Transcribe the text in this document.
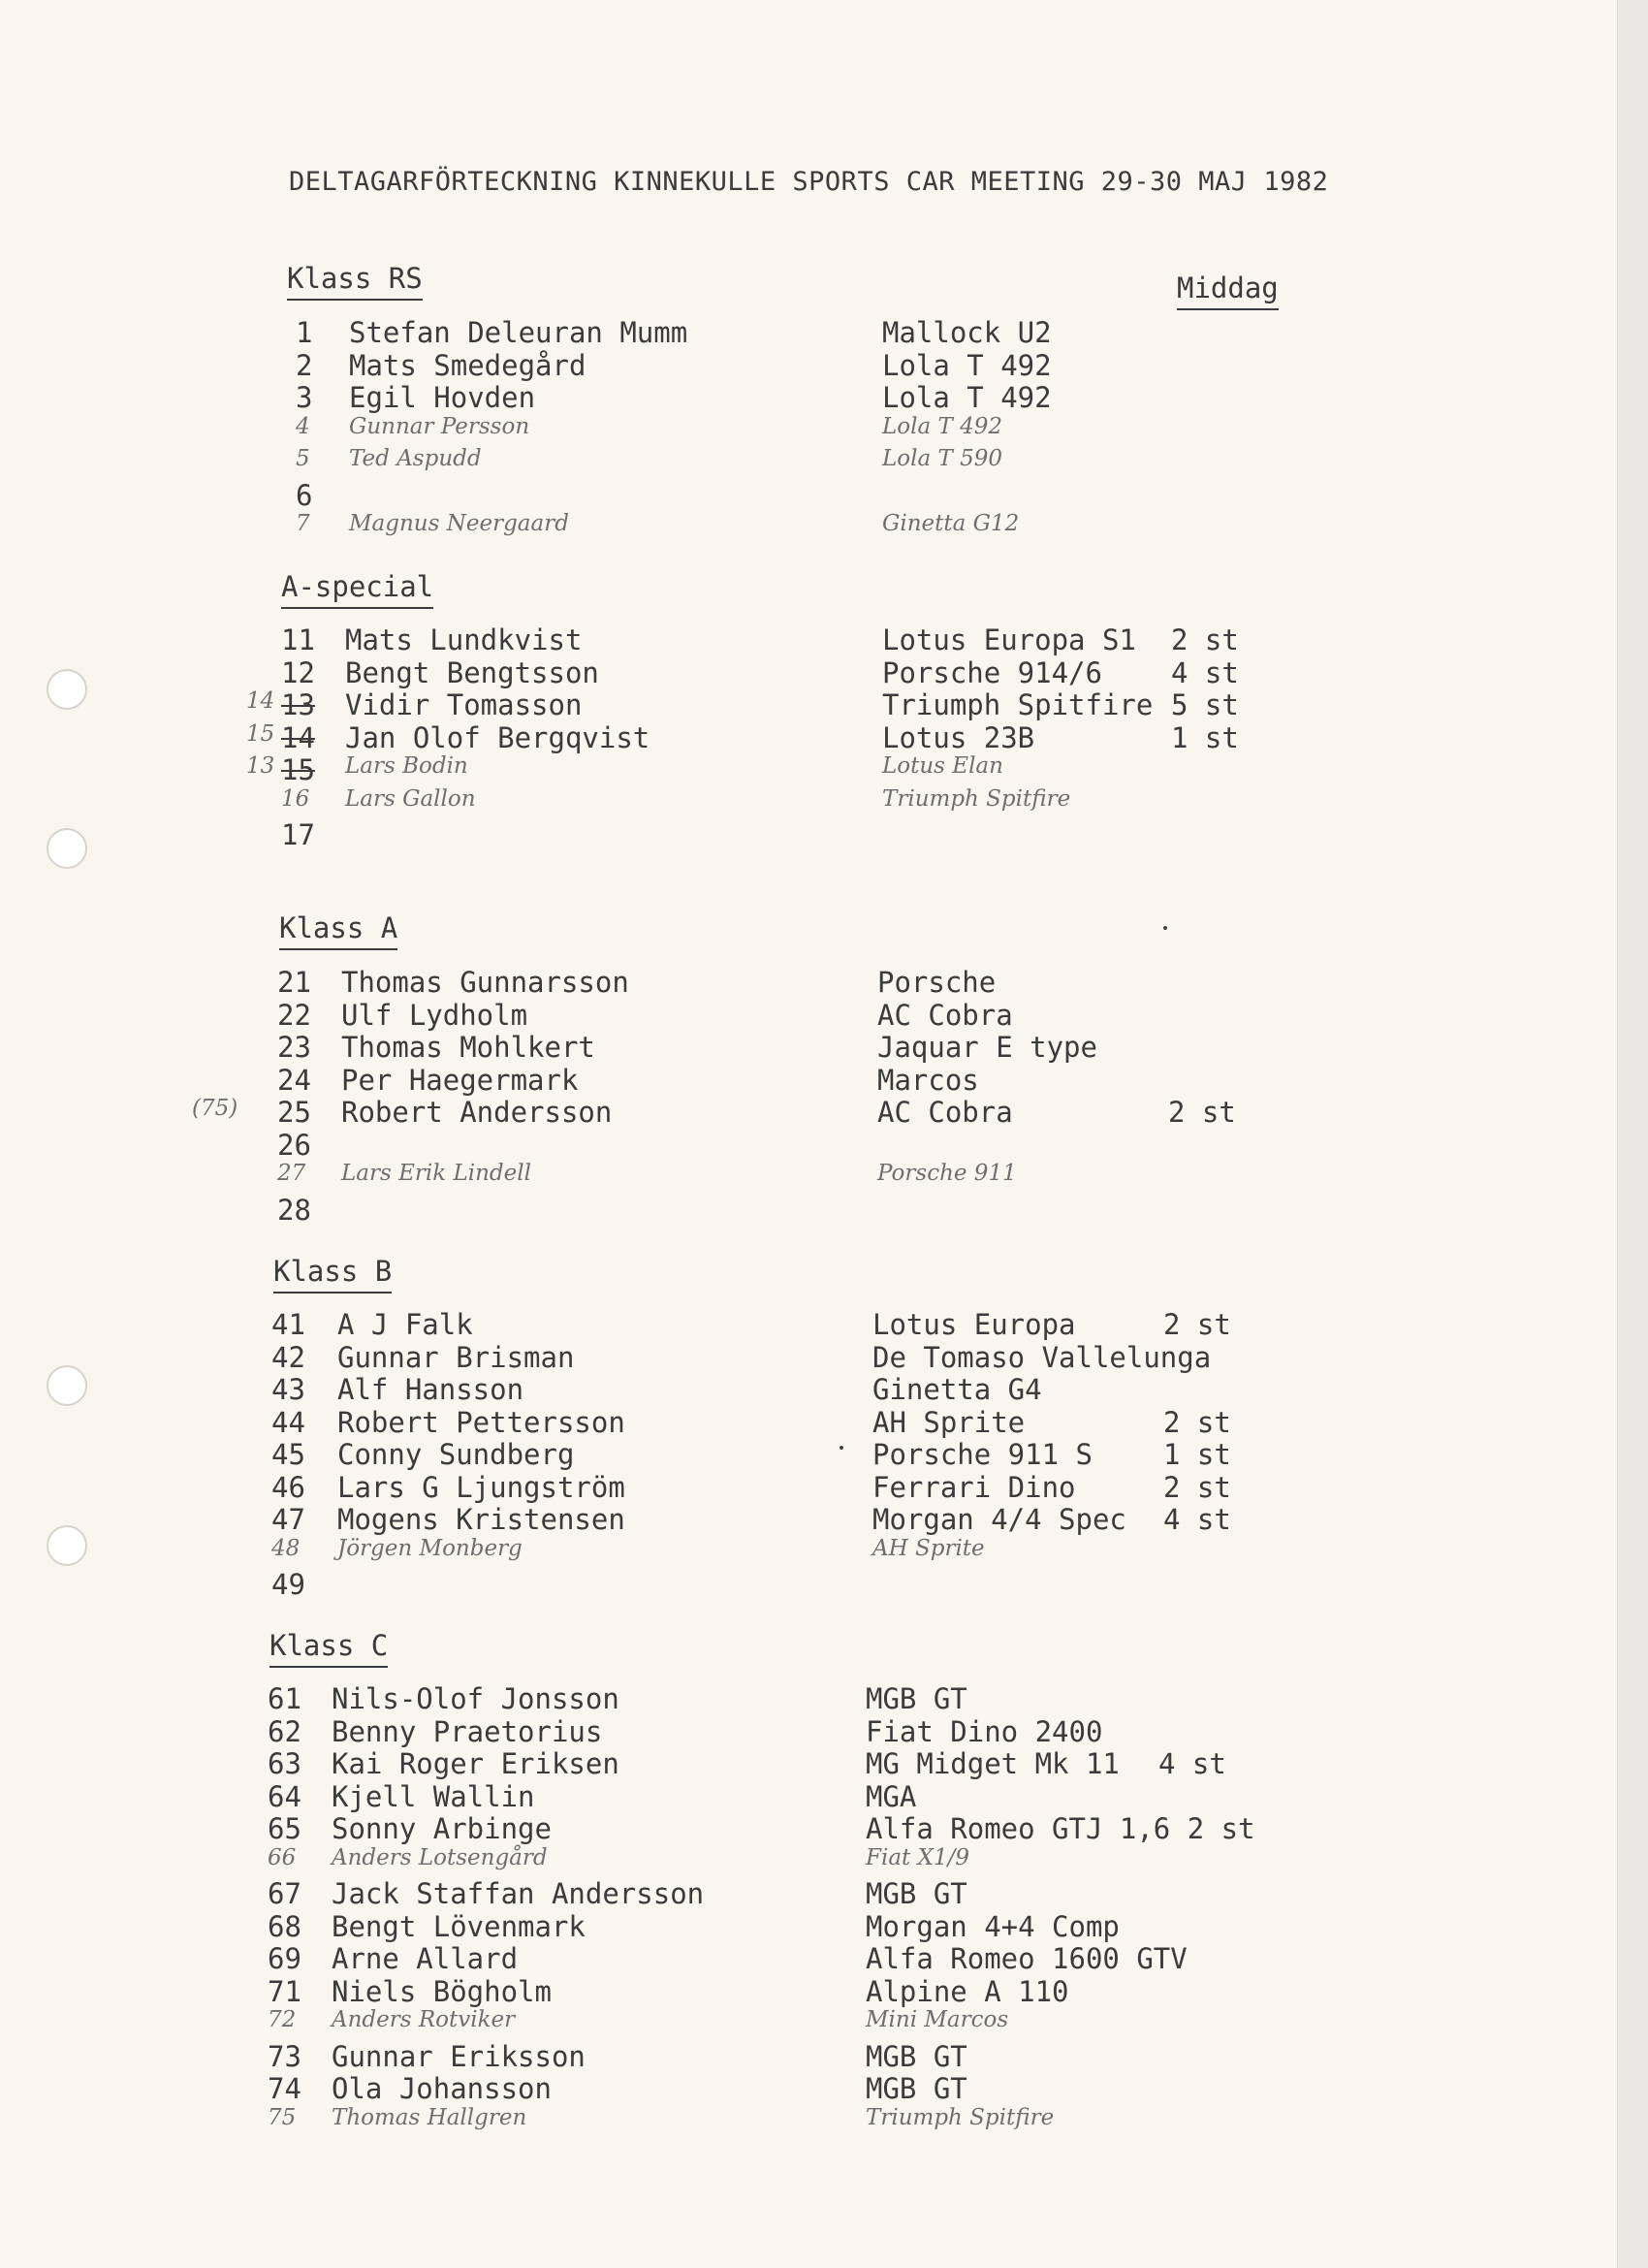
DELTAGARFÖRTECKNING KINNEKULLE SPORTS CAR MEETING 29-30 MAJ 1982
Middag
Klass RS
1 Stefan Deleuran Mumm	Mallock U2
2 Mats Smedegård	Lola T 492
3 Egil Hovden	Lola T 492
4 Gunnar Persson	Lola T 492
5 Ted Aspudd	Lola T 590
6
7 Magnus Neergaard	Ginetta G12
A-special
11 Mats Lundkvist	Lotus Europa S1 2 st
12 Bengt Bengtsson	Porsche 914/6 4 st
14 13 Vidir Tomasson	Triumph Spitfire 5 st
15 14 Jan Olof Bergqvist	Lotus 23B	1 st
13 15 Lars Bodin	Lotus Elan
16 Lars Gallon	Triumph Spitfire
17
Klass A
21 Thomas Gunnarsson	Porsche
22 Ulf Lydholm	AC Cobra
23 Thomas Mohlkert	Jaquar E type
24 Per Haegermark	Marcos
(75) 25 Robert Andersson	AC Cobra	2 st
26
27 Lars Erik Lindell	Porsche 911
28
Klass B
41 A J Falk	Lotus Europa	2 st
42 Gunnar Brisman	De Tomaso Vallelunga
43 Alf Hansson	Ginetta G4
44 Robert Pettersson	AH Sprite	2 st
45 Conny Sundberg	Porsche 911 S	1 st
46 Lars G Ljungström	Ferrari Dino	2 st
47 Mogens Kristensen	Morgan 4/4 Spec 4 st
48 Jörgen Monberg	AH Sprite
49
Klass C
61 Nils-Olof Jonsson	MGB GT
62 Benny Praetorius	Fiat Dino 2400
63 Kai Roger Eriksen	MG Midget Mk 11 4 st
64 Kjell Wallin	MGA
65 Sonny Arbinge	Alfa Romeo GTJ 1,6 2 st
66 Anders Lotsengård	Fiat X1/9
67 Jack Staffan Andersson	MGB GT
68 Bengt Lövenmark	Morgan 4+4 Comp
69 Arne Allard	Alfa Romeo 1600 GTV
71 Niels Bögholm	Alpine A 110
72 Anders Rotviker	Mini Marcos
73 Gunnar Eriksson	MGB GT
74 Ola Johansson	MGB GT
75 Thomas Hallgren	Triumph Spitfire
